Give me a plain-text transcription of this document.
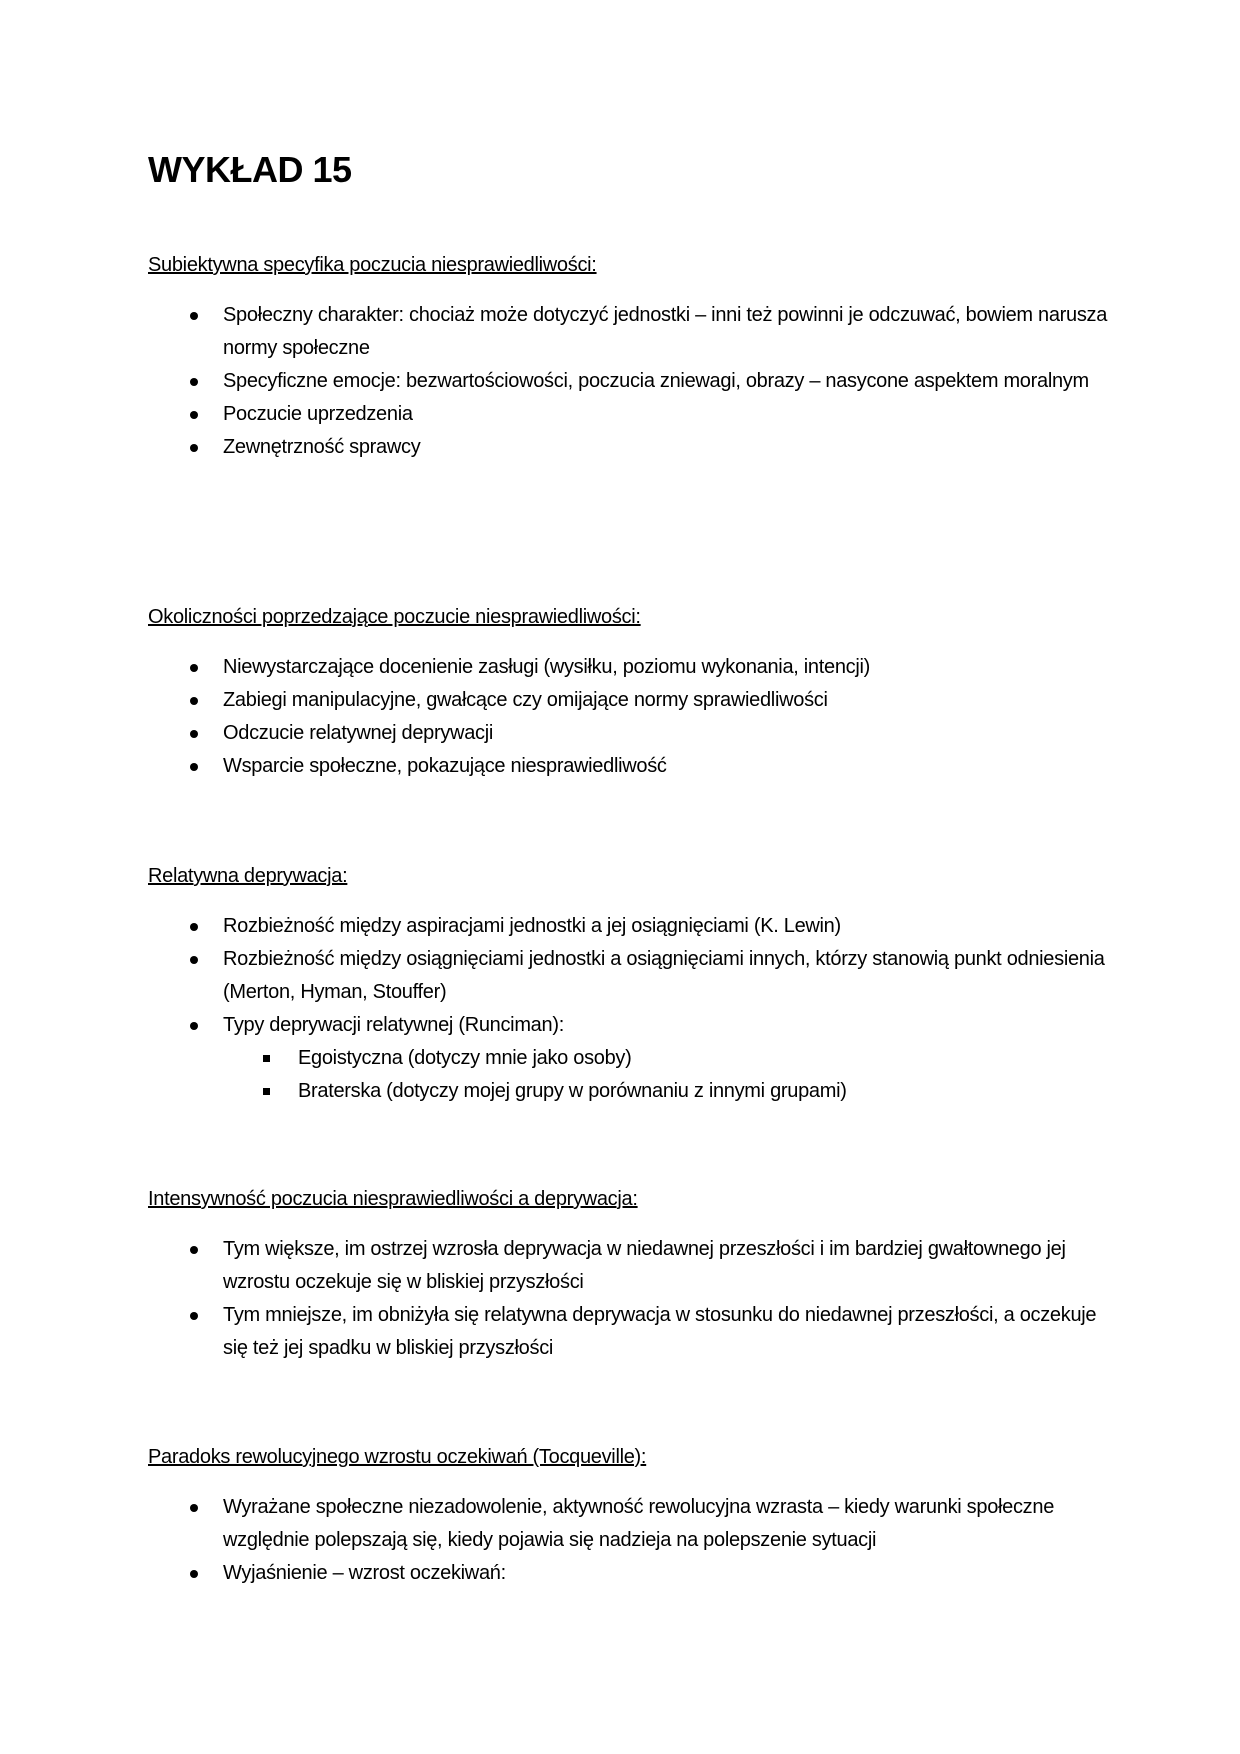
WYKŁAD 15
Subiektywna specyfika poczucia niesprawiedliwości:
Społeczny charakter: chociaż może dotyczyć jednostki – inni też powinni je odczuwać, bowiem narusza normy społeczne
Specyficzne emocje: bezwartościowości, poczucia zniewagi, obrazy – nasycone aspektem moralnym
Poczucie uprzedzenia
Zewnętrzność sprawcy
Okoliczności poprzedzające poczucie niesprawiedliwości:
Niewystarczające docenienie zasługi (wysiłku, poziomu wykonania, intencji)
Zabiegi manipulacyjne, gwałcące czy omijające normy sprawiedliwości
Odczucie relatywnej deprywacji
Wsparcie społeczne, pokazujące niesprawiedliwość
Relatywna deprywacja:
Rozbieżność między aspiracjami jednostki a jej osiągnięciami (K. Lewin)
Rozbieżność między osiągnięciami jednostki a osiągnięciami innych, którzy stanowią punkt odniesienia (Merton, Hyman, Stouffer)
Typy deprywacji relatywnej (Runciman):
Egoistyczna (dotyczy mnie jako osoby)
Braterska (dotyczy mojej grupy w porównaniu z innymi grupami)
Intensywność poczucia niesprawiedliwości a deprywacja:
Tym większe, im ostrzej wzrosła deprywacja w niedawnej przeszłości i im bardziej gwałtownego jej wzrostu oczekuje się w bliskiej przyszłości
Tym mniejsze, im obniżyła się relatywna deprywacja w stosunku do niedawnej przeszłości, a oczekuje się też jej spadku w bliskiej przyszłości
Paradoks rewolucyjnego wzrostu oczekiwań (Tocqueville):
Wyrażane społeczne niezadowolenie, aktywność rewolucyjna wzrasta – kiedy warunki społeczne względnie polepszają się, kiedy pojawia się nadzieja na polepszenie sytuacji
Wyjaśnienie – wzrost oczekiwań:
